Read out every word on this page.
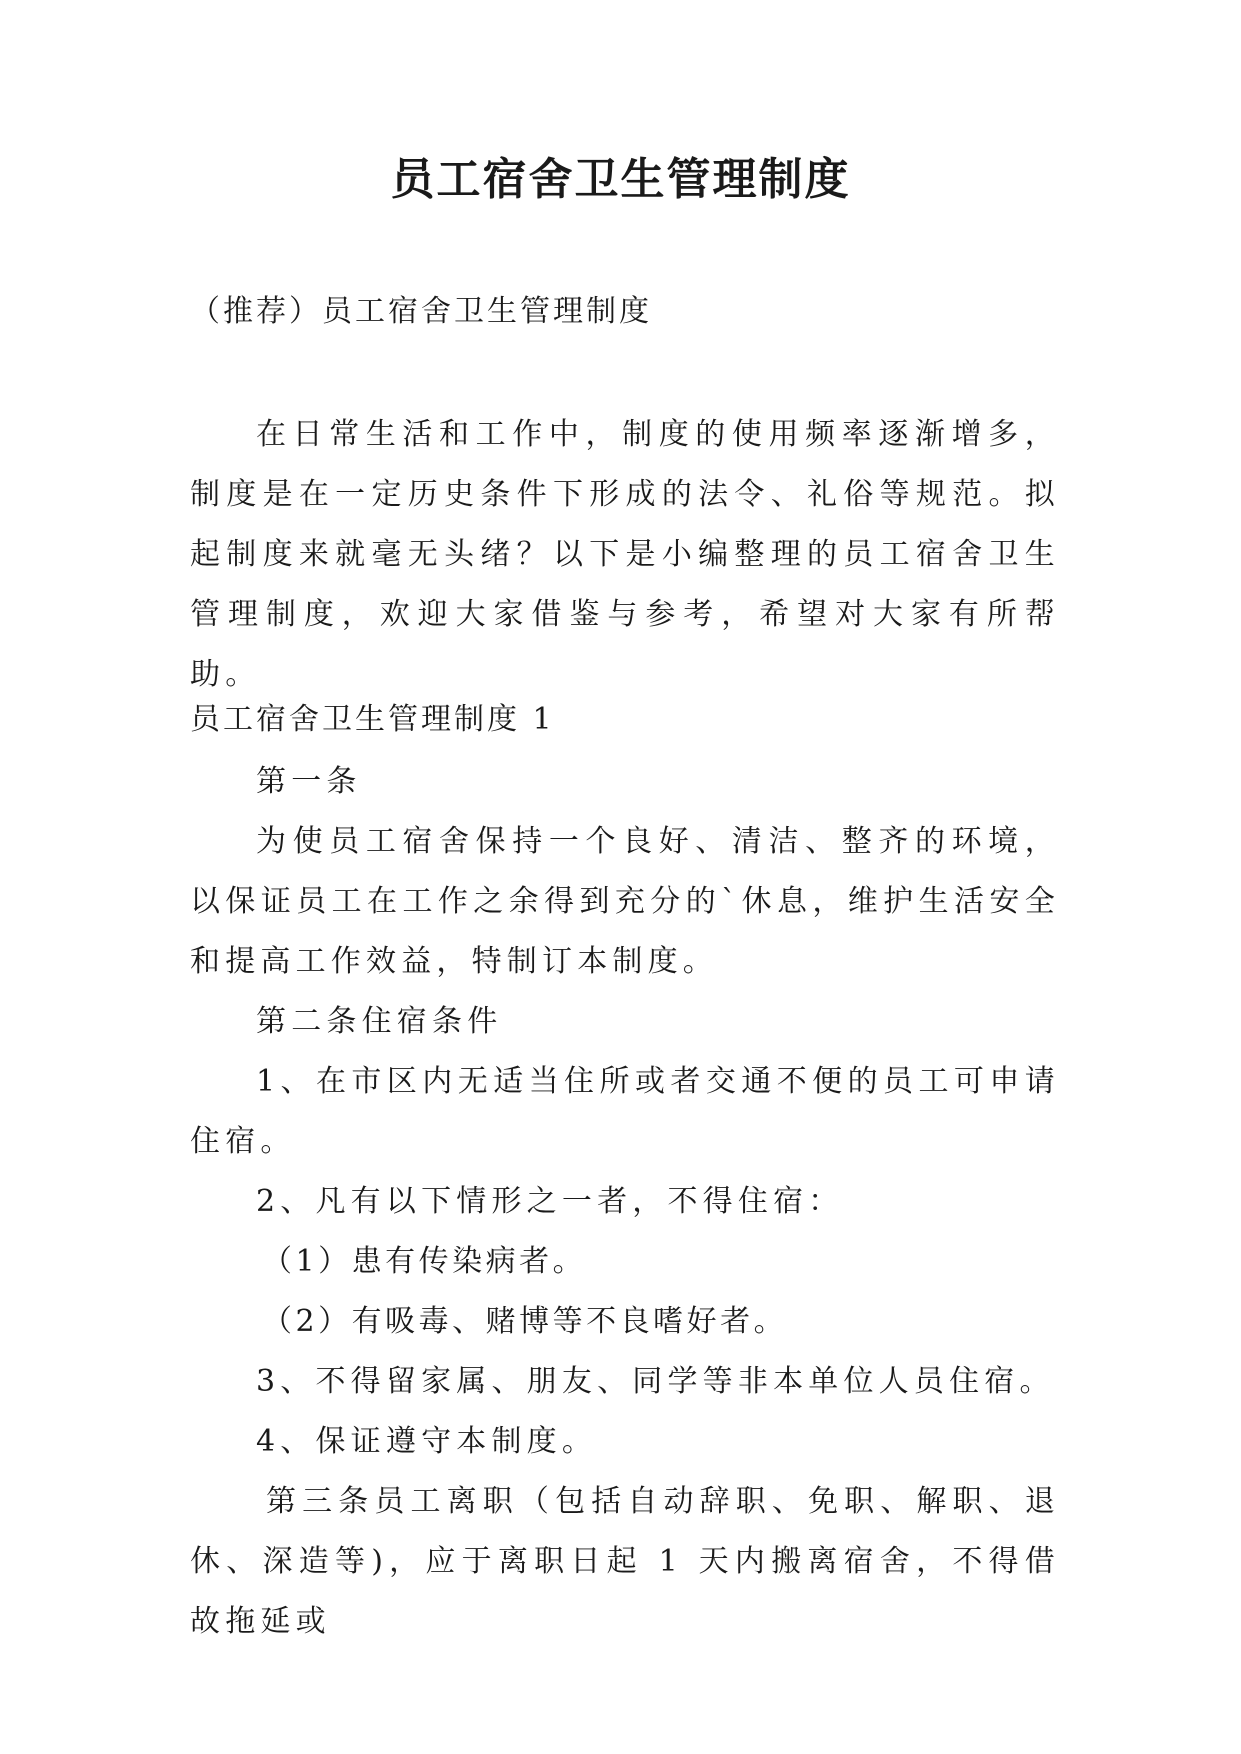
员工宿舍卫生管理制度

（推荐）员工宿舍卫生管理制度

在日常生活和工作中，制度的使用频率逐渐增多，制度是在一定历史条件下形成的法令、礼俗等规范。拟起制度来就毫无头绪？以下是小编整理的员工宿舍卫生管理制度，欢迎大家借鉴与参考，希望对大家有所帮助。

员工宿舍卫生管理制度 1

第一条

为使员工宿舍保持一个良好、清洁、整齐的环境，以保证员工在工作之余得到充分的`休息，维护生活安全和提高工作效益，特制订本制度。

第二条住宿条件

1、在市区内无适当住所或者交通不便的员工可申请住宿。

2、凡有以下情形之一者，不得住宿：

（1）患有传染病者。

（2）有吸毒、赌博等不良嗜好者。

3、不得留家属、朋友、同学等非本单位人员住宿。

4、保证遵守本制度。

第三条员工离职（包括自动辞职、免职、解职、退休、深造等)，应于离职日起 1 天内搬离宿舍，不得借故拖延或
